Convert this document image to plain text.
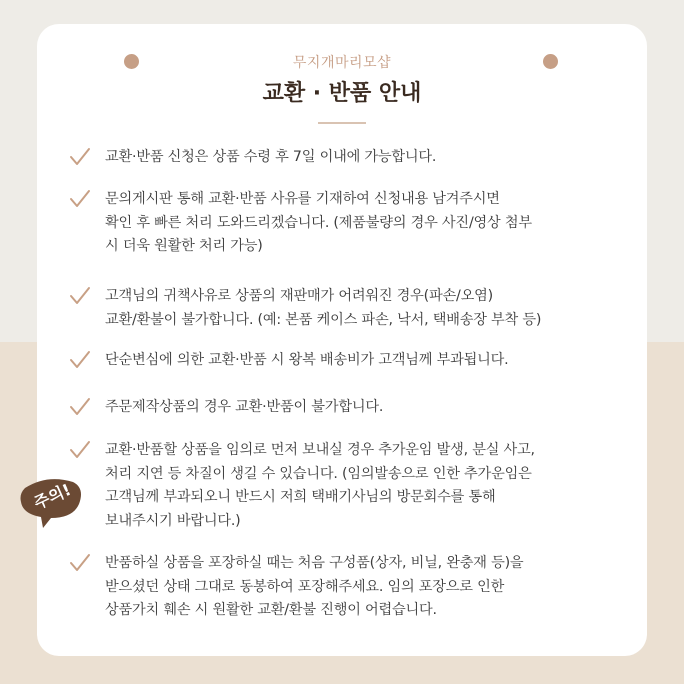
무지개마리모샵
교환 · 반품 안내
교환·반품 신청은 상품 수령 후 7일 이내에 가능합니다.
문의게시판 통해 교환·반품 사유를 기재하여 신청내용 남겨주시면
확인 후 빠른 처리 도와드리겠습니다. (제품불량의 경우 사진/영상 첨부
시 더욱 원활한 처리 가능)
고객님의 귀책사유로 상품의 재판매가 어려워진 경우(파손/오염)
교환/환불이 불가합니다. (예: 본품 케이스 파손, 낙서, 택배송장 부착 등)
단순변심에 의한 교환·반품 시 왕복 배송비가 고객님께 부과됩니다.
주문제작상품의 경우 교환·반품이 불가합니다.
교환·반품할 상품을 임의로 먼저 보내실 경우 추가운임 발생, 분실 사고,
처리 지연 등 차질이 생길 수 있습니다. (임의발송으로 인한 추가운임은
고객님께 부과되오니 반드시 저희 택배기사님의 방문회수를 통해
보내주시기 바랍니다.)
반품하실 상품을 포장하실 때는 처음 구성품(상자, 비닐, 완충재 등)을
받으셨던 상태 그대로 동봉하여 포장해주세요. 임의 포장으로 인한
상품가치 훼손 시 원활한 교환/환불 진행이 어렵습니다.
주의!
